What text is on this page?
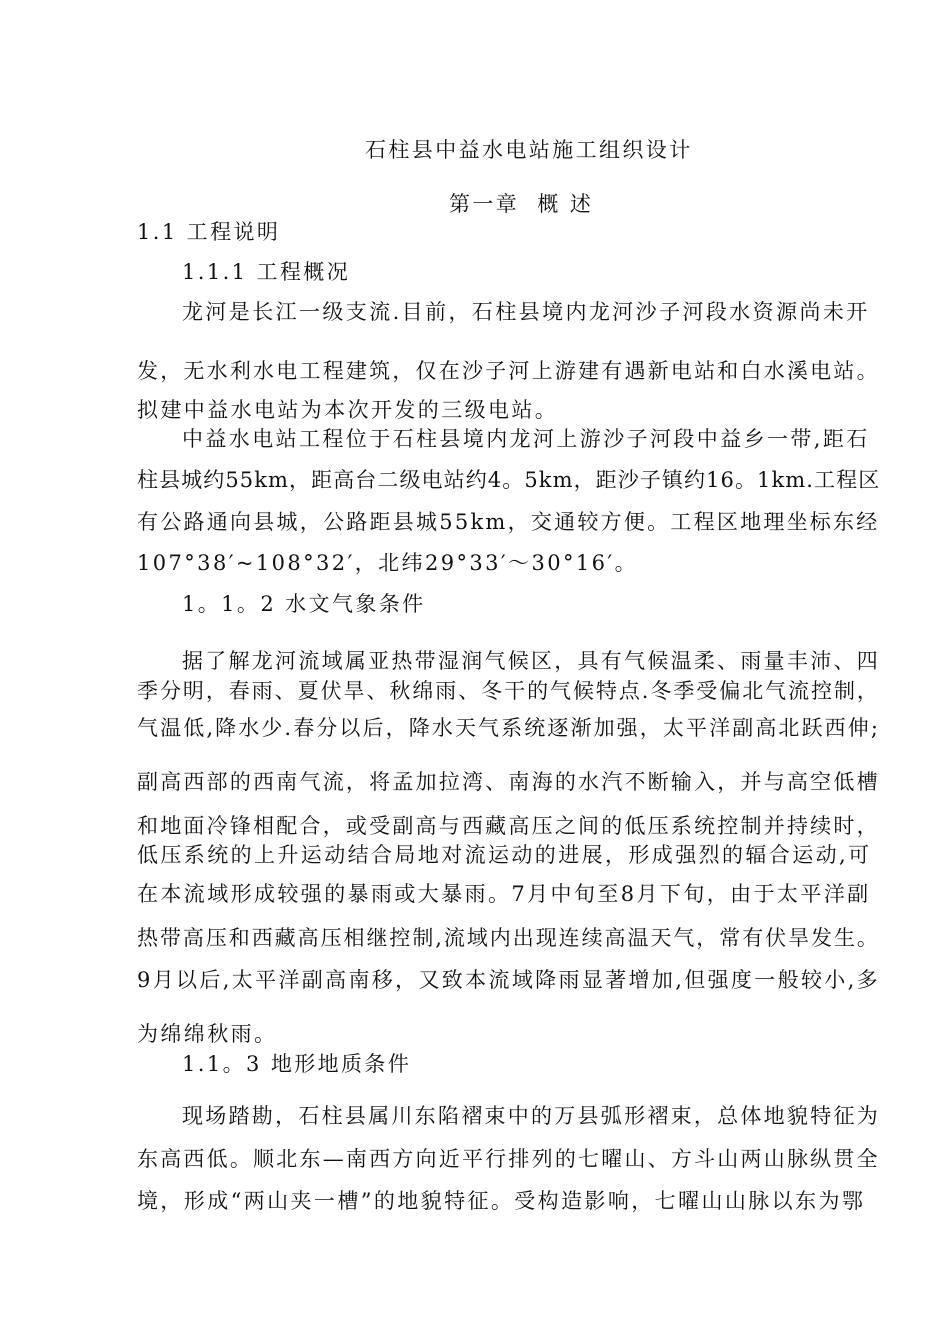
石柱县中益水电站施工组织设计
第一章  概 述
1.1 工程说明
1.1.1 工程概况
龙河是长江一级支流.目前，石柱县境内龙河沙子河段水资源尚未开
发，无水利水电工程建筑，仅在沙子河上游建有遇新电站和白水溪电站。
拟建中益水电站为本次开发的三级电站。
中益水电站工程位于石柱县境内龙河上游沙子河段中益乡一带,距石
柱县城约55km，距高台二级电站约4。5km，距沙子镇约16。1km.工程区
有公路通向县城，公路距县城55km，交通较方便。工程区地理坐标东经
107°38′~108°32′，北纬29°33′～30°16′。
1。1。2 水文气象条件
据了解龙河流域属亚热带湿润气候区，具有气候温柔、雨量丰沛、四
季分明，春雨、夏伏旱、秋绵雨、冬干的气候特点.冬季受偏北气流控制，
气温低,降水少.春分以后，降水天气系统逐渐加强，太平洋副高北跃西伸;
副高西部的西南气流，将孟加拉湾、南海的水汽不断输入，并与高空低槽
和地面冷锋相配合，或受副高与西藏高压之间的低压系统控制并持续时，
低压系统的上升运动结合局地对流运动的进展，形成强烈的辐合运动,可
在本流域形成较强的暴雨或大暴雨。7月中旬至8月下旬，由于太平洋副
热带高压和西藏高压相继控制,流域内出现连续高温天气，常有伏旱发生。
9月以后,太平洋副高南移，又致本流域降雨显著增加,但强度一般较小,多
为绵绵秋雨。
1.1。3 地形地质条件
现场踏勘，石柱县属川东陷褶束中的万县弧形褶束，总体地貌特征为
东高西低。顺北东—南西方向近平行排列的七曜山、方斗山两山脉纵贯全
境，形成“两山夹一槽”的地貌特征。受构造影响，七曜山山脉以东为鄂
